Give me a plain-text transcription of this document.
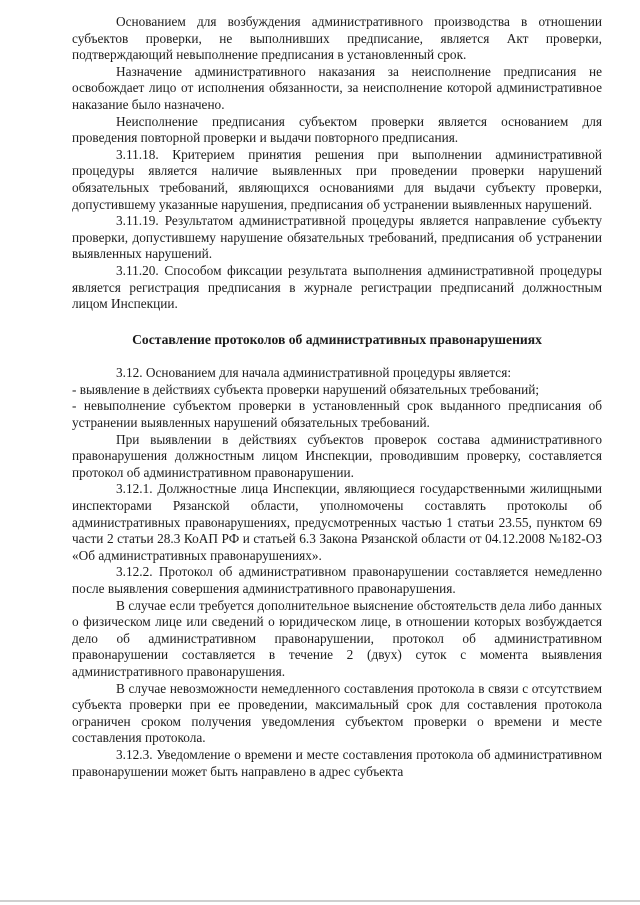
Основанием для возбуждения административного производства в отношении субъектов проверки, не выполнивших предписание, является Акт проверки, подтверждающий невыполнение предписания в установленный срок.

Назначение административного наказания за неисполнение предписания не освобождает лицо от исполнения обязанности, за неисполнение которой административное наказание было назначено.

Неисполнение предписания субъектом проверки является основанием для проведения повторной проверки и выдачи повторного предписания.

3.11.18. Критерием принятия решения при выполнении административной процедуры является наличие выявленных при проведении проверки нарушений обязательных требований, являющихся основаниями для выдачи субъекту проверки, допустившему указанные нарушения, предписания об устранении выявленных нарушений.

3.11.19. Результатом административной процедуры является направление субъекту проверки, допустившему нарушение обязательных требований, предписания об устранении выявленных нарушений.

3.11.20. Способом фиксации результата выполнения административной процедуры является регистрация предписания в журнале регистрации предписаний должностным лицом Инспекции.

Составление протоколов об административных правонарушениях

3.12. Основанием для начала административной процедуры является:

- выявление в действиях субъекта проверки нарушений обязательных требований;

- невыполнение субъектом проверки в установленный срок выданного предписания об устранении выявленных нарушений обязательных требований.

При выявлении в действиях субъектов проверок состава административного правонарушения должностным лицом Инспекции, проводившим проверку, составляется протокол об административном правонарушении.

3.12.1. Должностные лица Инспекции, являющиеся государственными жилищными инспекторами Рязанской области, уполномочены составлять протоколы об административных правонарушениях, предусмотренных частью 1 статьи 23.55, пунктом 69 части 2 статьи 28.3 КоАП РФ и статьей 6.3 Закона Рязанской области от 04.12.2008 №182-ОЗ «Об административных правонарушениях».

3.12.2. Протокол об административном правонарушении составляется немедленно после выявления совершения административного правонарушения.

В случае если требуется дополнительное выяснение обстоятельств дела либо данных о физическом лице или сведений о юридическом лице, в отношении которых возбуждается дело об административном правонарушении, протокол об административном правонарушении составляется в течение 2 (двух) суток с момента выявления административного правонарушения.

В случае невозможности немедленного составления протокола в связи с отсутствием субъекта проверки при ее проведении, максимальный срок для составления протокола ограничен сроком получения уведомления субъектом проверки о времени и месте составления протокола.

3.12.3. Уведомление о времени и месте составления протокола об административном правонарушении может быть направлено в адрес субъекта
